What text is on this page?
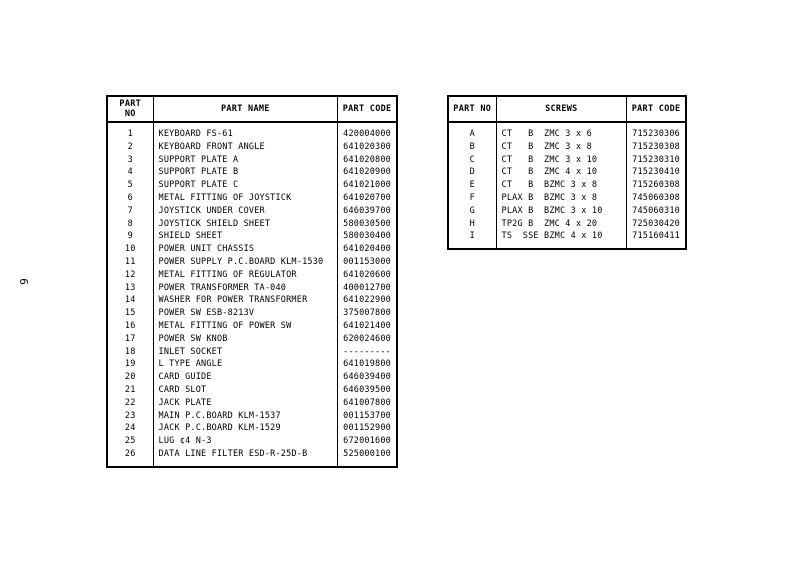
6
PART NO	PART NAME	PART CODE

1	KEYBOARD FS-61	420004000
2	KEYBOARD FRONT ANGLE	641020300
3	SUPPORT PLATE A	641020800
4	SUPPORT PLATE B	641020900
5	SUPPORT PLATE C	641021000
6	METAL FITTING OF JOYSTICK	641020700
7	JOYSTICK UNDER COVER	646039700
8	JOYSTICK SHIELD SHEET	580030500
9	SHIELD SHEET	580030400
10	POWER UNIT CHASSIS	641020400
11	POWER SUPPLY P.C.BOARD KLM-1530	001153000
12	METAL FITTING OF REGULATOR	641020600
13	POWER TRANSFORMER TA-040	400012700
14	WASHER FOR POWER TRANSFORMER	641022900
15	POWER SW ESB-8213V	375007800
16	METAL FITTING OF POWER SW	641021400
17	POWER SW KNOB	620024600
18	INLET SOCKET	---------
19	L TYPE ANGLE	641019800
20	CARD GUIDE	646039400
21	CARD SLOT	646039500
22	JACK PLATE	641007800
23	MAIN P.C.BOARD KLM-1537	001153700
24	JACK P.C.BOARD KLM-1529	001152900
25	LUG ¢4 N-3	672001600
26	DATA LINE FILTER ESD-R-25D-B	525000100

PART NO	SCREWS	PART CODE

A	CT   B  ZMC 3 x 6	715230306
B	CT   B  ZMC 3 x 8	715230308
C	CT   B  ZMC 3 x 10	715230310
D	CT   B  ZMC 4 x 10	715230410
E	CT   B  BZMC 3 x 8	715260308
F	PLAX B  BZMC 3 x 8	745060308
G	PLAX B  BZMC 3 x 10	745060310
H	TP2G B  ZMC 4 x 20	725030420
I	TS  SSE BZMC 4 x 10	715160411
